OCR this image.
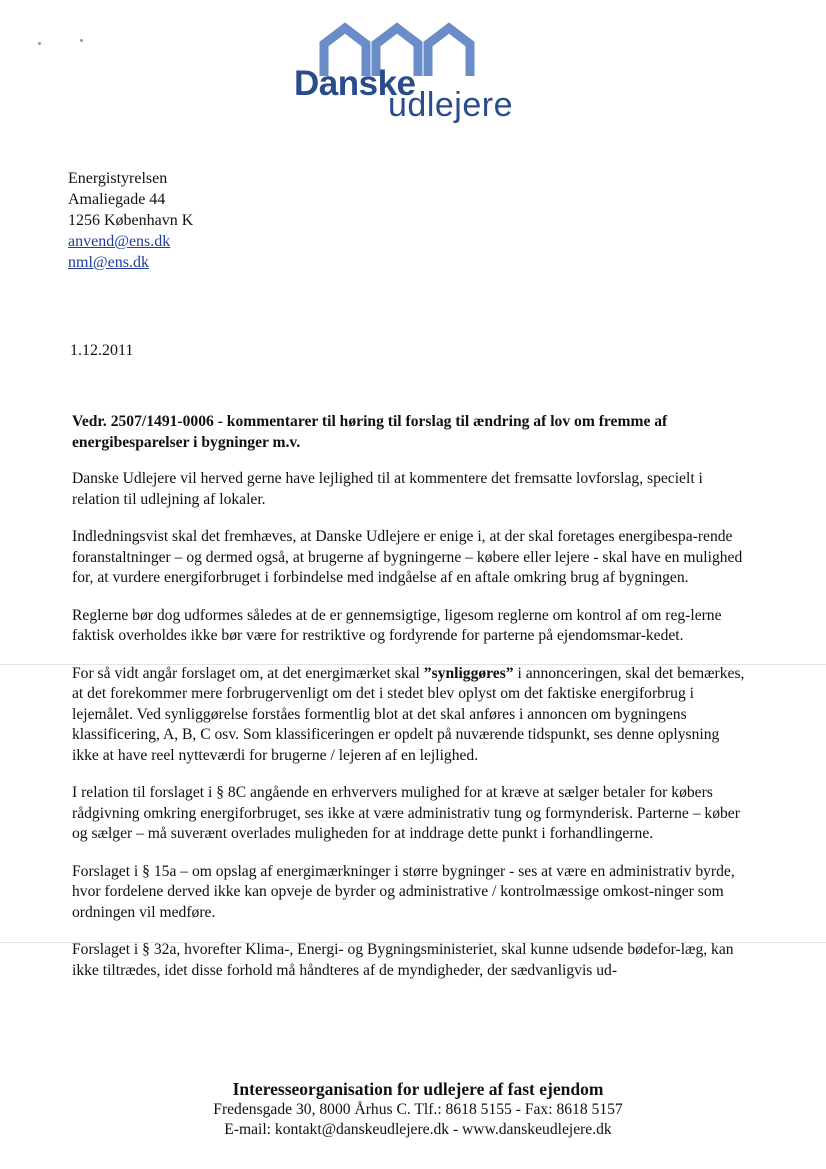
Danske
udlejere
Energistyrelsen
Amaliegade 44
1256 København K
anvend@ens.dk
nml@ens.dk
1.12.2011
Vedr. 2507/1491-0006 - kommentarer til høring til forslag til ændring af lov om fremme af energibesparelser i bygninger m.v.

Danske Udlejere vil herved gerne have lejlighed til at kommentere det fremsatte lovforslag, specielt i relation til udlejning af lokaler.

Indledningsvist skal det fremhæves, at Danske Udlejere er enige i, at der skal foretages energibespa-rende foranstaltninger – og dermed også, at brugerne af bygningerne – købere eller lejere - skal have en mulighed for, at vurdere energiforbruget i forbindelse med indgåelse af en aftale omkring brug af bygningen.

Reglerne bør dog udformes således at de er gennemsigtige, ligesom reglerne om kontrol af om reg-lerne faktisk overholdes ikke bør være for restriktive og fordyrende for parterne på ejendomsmar-kedet.

For så vidt angår forslaget om, at det energimærket skal ”synliggøres” i annonceringen, skal det bemærkes, at det forekommer mere forbrugervenligt om det i stedet blev oplyst om det faktiske energiforbrug i lejemålet. Ved synliggørelse forståes formentlig blot at det skal anføres i annoncen om bygningens klassificering, A, B, C osv. Som klassificeringen er opdelt på nuværende tidspunkt, ses denne oplysning ikke at have reel nytteværdi for brugerne / lejeren af en lejlighed.

I relation til forslaget i § 8C angående en erhververs mulighed for at kræve at sælger betaler for købers rådgivning omkring energiforbruget, ses ikke at være administrativ tung og formynderisk. Parterne – køber og sælger – må suverænt overlades muligheden for at inddrage dette punkt i forhandlingerne.

Forslaget i § 15a – om opslag af energimærkninger i større bygninger - ses at være en administrativ byrde, hvor fordelene derved ikke kan opveje de byrder og administrative / kontrolmæssige omkost-ninger som ordningen vil medføre.

Forslaget i § 32a, hvorefter Klima-, Energi- og Bygningsministeriet, skal kunne udsende bødefor-læg, kan ikke tiltrædes, idet disse forhold må håndteres af de myndigheder, der sædvanligvis ud-

Interesseorganisation for udlejere af fast ejendom
Fredensgade 30, 8000 Århus C. Tlf.: 8618 5155 - Fax: 8618 5157
E-mail: kontakt@danskeudlejere.dk - www.danskeudlejere.dk
